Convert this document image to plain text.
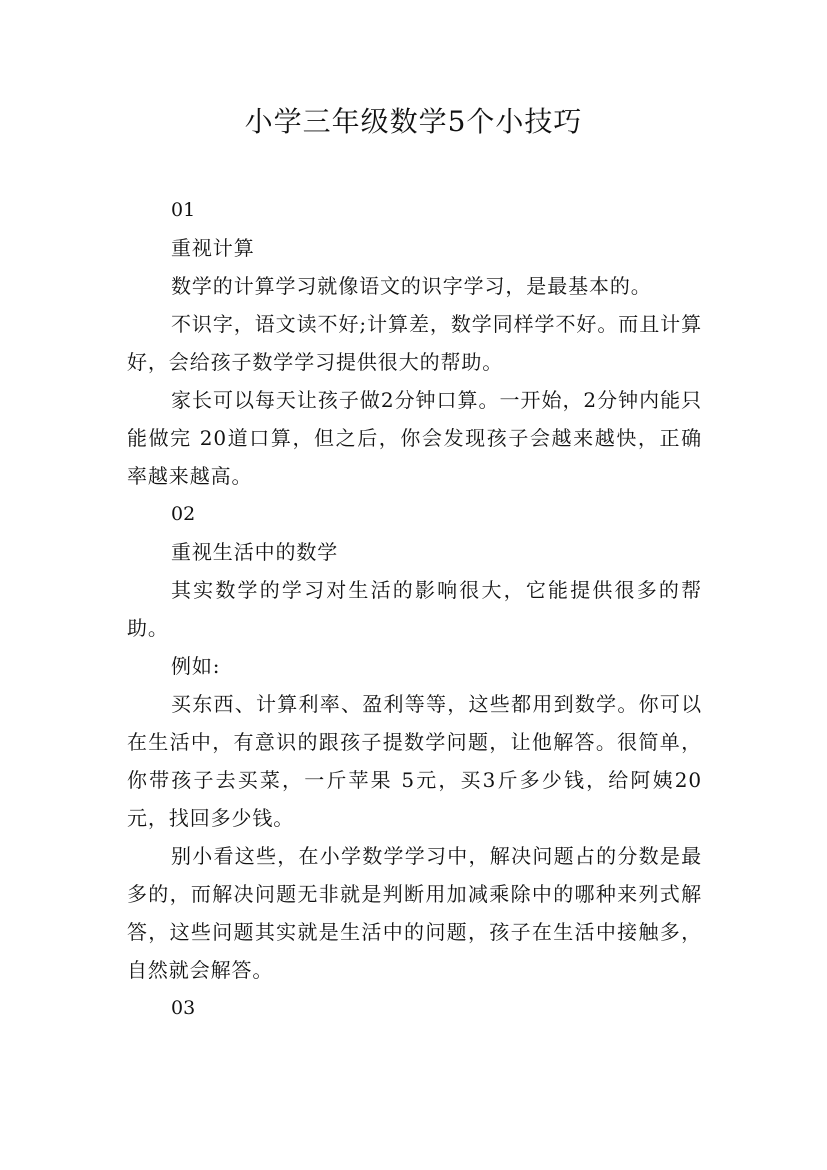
小学三年级数学5个小技巧

01

重视计算

数学的计算学习就像语文的识字学习，是最基本的。

不识字，语文读不好;计算差，数学同样学不好。而且计算好，会给孩子数学学习提供很大的帮助。

家长可以每天让孩子做2分钟口算。一开始，2分钟内能只能做完 20道口算，但之后，你会发现孩子会越来越快，正确率越来越高。

02

重视生活中的数学

其实数学的学习对生活的影响很大，它能提供很多的帮助。

例如:

买东西、计算利率、盈利等等，这些都用到数学。你可以在生活中，有意识的跟孩子提数学问题，让他解答。很简单，你带孩子去买菜，一斤苹果 5元，买3斤多少钱，给阿姨20元，找回多少钱。

别小看这些，在小学数学学习中，解决问题占的分数是最多的，而解决问题无非就是判断用加减乘除中的哪种来列式解答，这些问题其实就是生活中的问题，孩子在生活中接触多，自然就会解答。

03
